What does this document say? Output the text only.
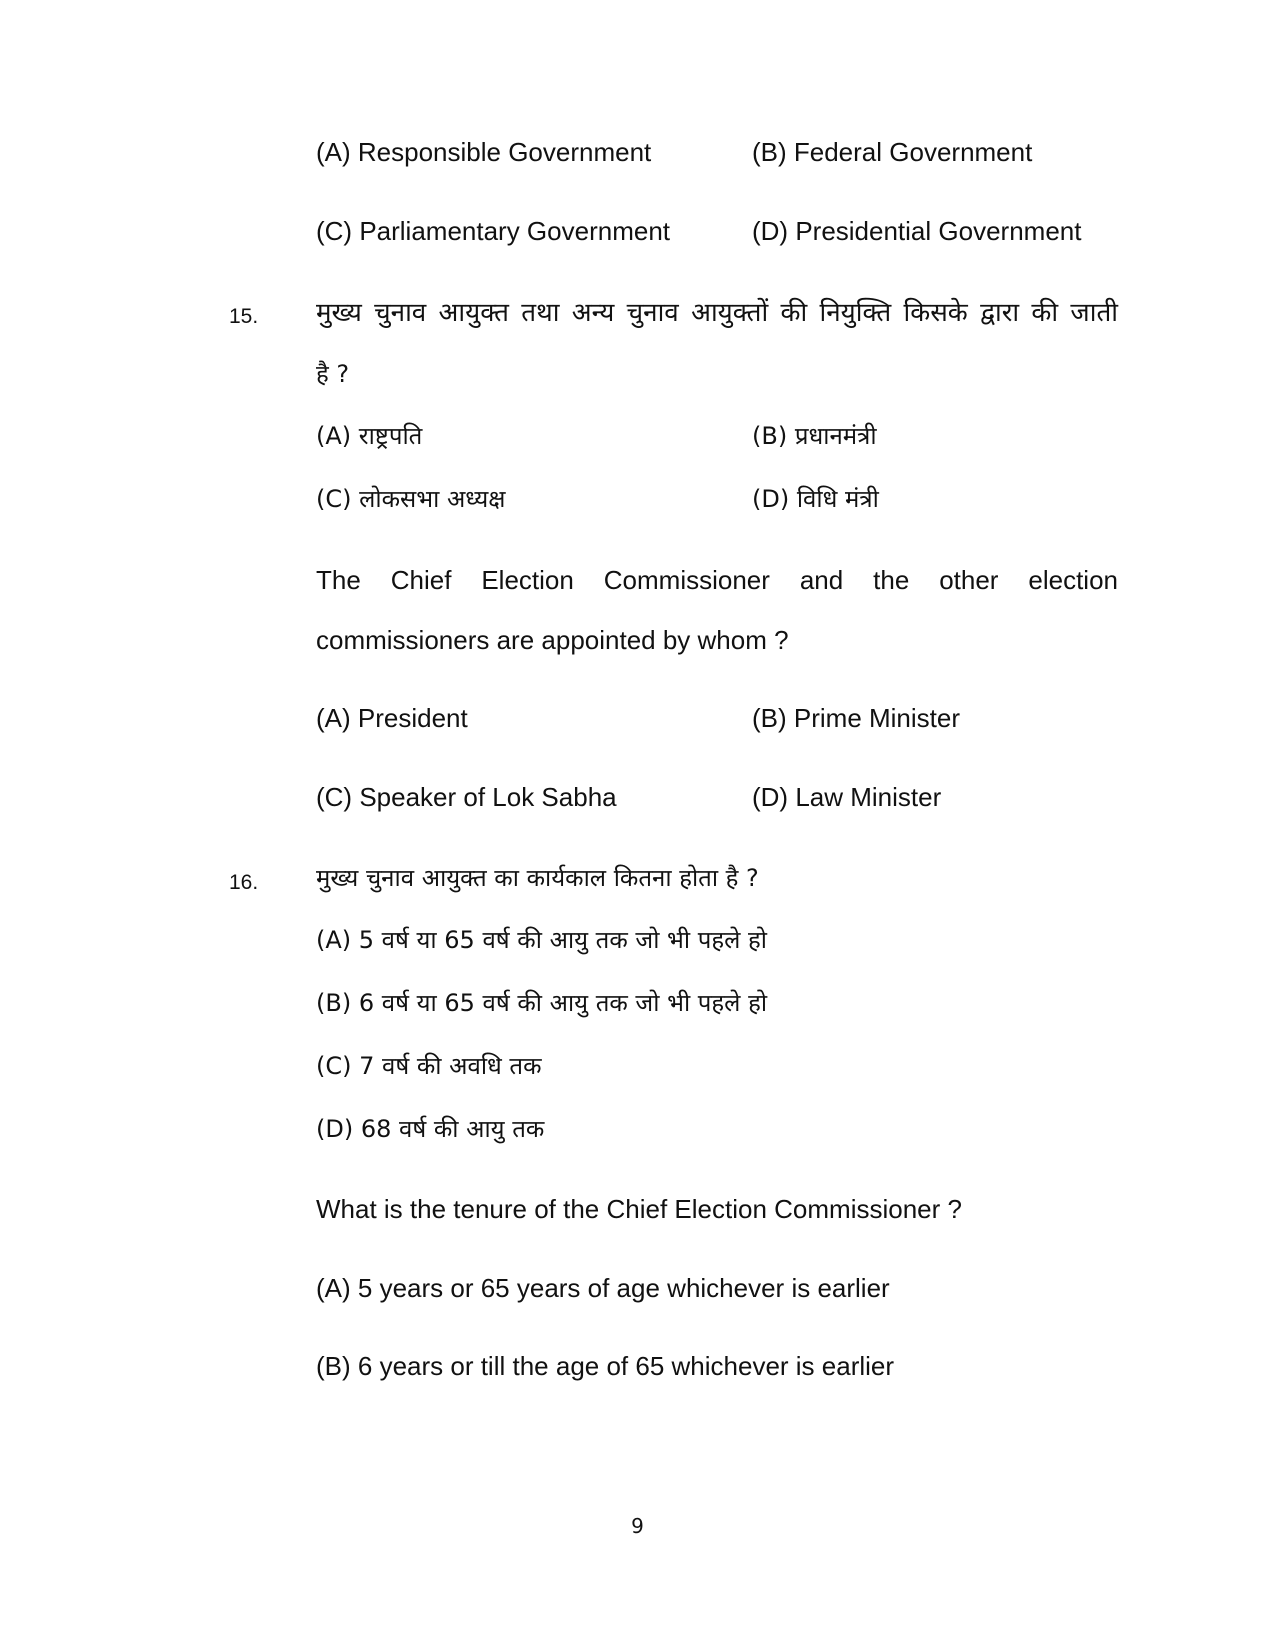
(A) Responsible Government	(B) Federal Government
(C) Parliamentary Government	(D) Presidential Government
15. मुख्य चुनाव आयुक्त तथा अन्य चुनाव आयुक्तों की नियुक्ति किसके द्वारा की जाती
है ?
(A) राष्ट्रपति	(B) प्रधानमंत्री
(C) लोकसभा अध्यक्ष	(D) विधि मंत्री
The Chief Election Commissioner and the other election
commissioners are appointed by whom ?
(A) President	(B) Prime Minister
(C) Speaker of Lok Sabha	(D) Law Minister
16. मुख्य चुनाव आयुक्त का कार्यकाल कितना होता है ?
(A) 5 वर्ष या 65 वर्ष की आयु तक जो भी पहले हो
(B) 6 वर्ष या 65 वर्ष की आयु तक जो भी पहले हो
(C) 7 वर्ष की अवधि तक
(D) 68 वर्ष की आयु तक
What is the tenure of the Chief Election Commissioner ?
(A) 5 years or 65 years of age whichever is earlier
(B) 6 years or till the age of 65 whichever is earlier
9
